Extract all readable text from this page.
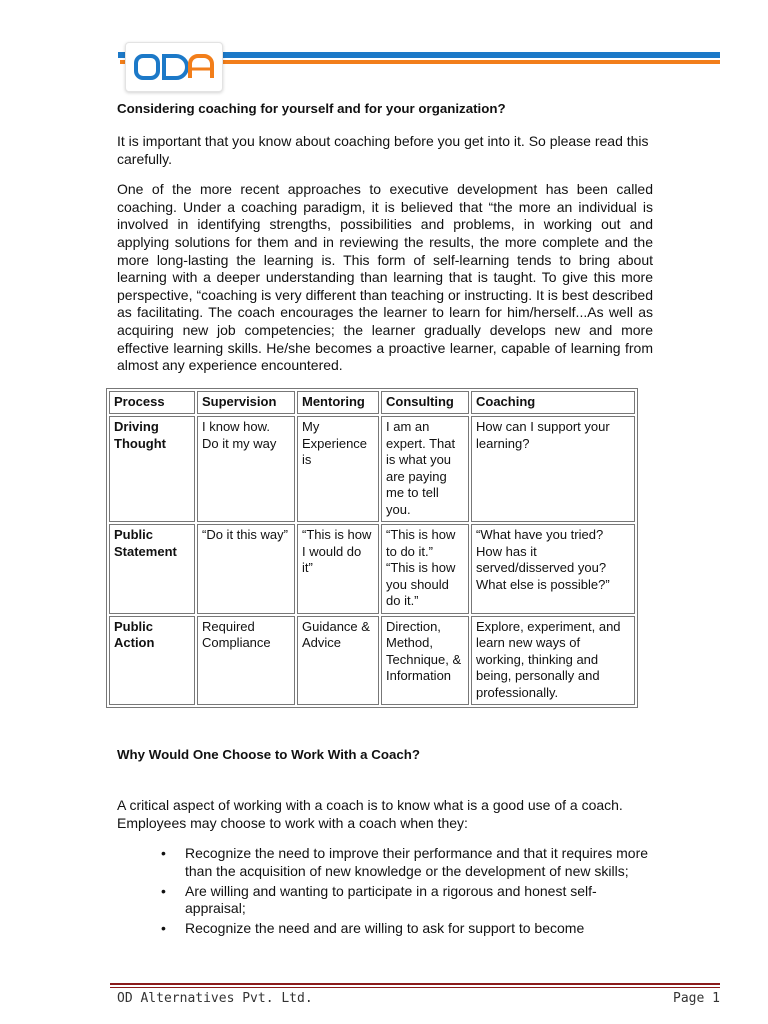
Considering coaching for yourself and for your organization?

It is important that you know about coaching before you get into it. So please read this carefully.

One of the more recent approaches to executive development has been called coaching. Under a coaching paradigm, it is believed that “the more an individual is involved in identifying strengths, possibilities and problems, in working out and applying solutions for them and in reviewing the results, the more complete and the more long-lasting the learning is. This form of self-learning tends to bring about learning with a deeper understanding than learning that is taught. To give this more perspective, “coaching is very different than teaching or instructing. It is best described as facilitating. The coach encourages the learner to learn for him/herself...As well as acquiring new job competencies; the learner gradually develops new and more effective learning skills. He/she becomes a proactive learner, capable of learning from almost any experience encountered.

Process	Supervision	Mentoring	Consulting	Coaching
Driving Thought	I know how. Do it my way	My Experience is	I am an expert. That is what you are paying me to tell you.	How can I support your learning?
Public Statement	“Do it this way”	“This is how I would do it”	“This is how to do it.” “This is how you should do it.”	“What have you tried? How has it served/disserved you? What else is possible?”
Public Action	Required Compliance	Guidance & Advice	Direction, Method, Technique, & Information	Explore, experiment, and learn new ways of working, thinking and being, personally and professionally.
Why Would One Choose to Work With a Coach?

A critical aspect of working with a coach is to know what is a good use of a coach. Employees may choose to work with a coach when they:

• Recognize the need to improve their performance and that it requires more than the acquisition of new knowledge or the development of new skills;
• Are willing and wanting to participate in a rigorous and honest self-appraisal;
• Recognize the need and are willing to ask for support to become
OD Alternatives Pvt. Ltd.	Page 1
